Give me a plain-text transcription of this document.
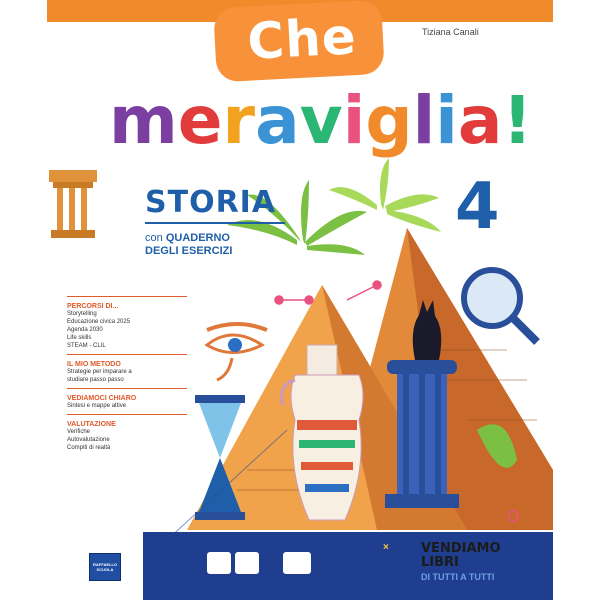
Che	Tiziana Canali
meraviglia!
STORIA
con QUADERNO
DEGLI ESERCIZI
4
PERCORSI DI...
Storytelling
Educazione civica 2025
Agenda 2030
Life skills
STEAM - CLIL
IL MIO METODO
Strategie per imparare a
studiare passo passo
VEDIAMOCI CHIARO
Sintesi e mappe attive
VALUTAZIONE
Verifiche
Autovalutazione
Compiti di realtà
RAFFAELLO SCUOLA
× VENDIAMO
LIBRI
DI TUTTI A TUTTI
